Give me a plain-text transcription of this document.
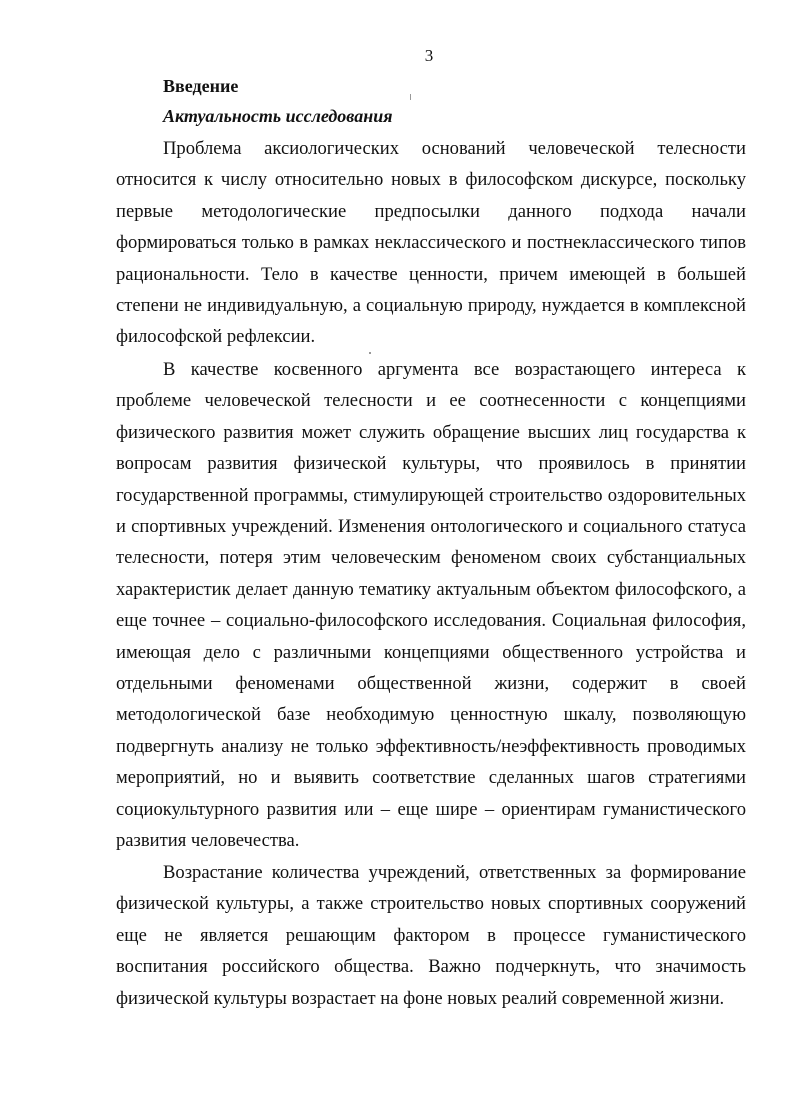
3
Введение
Актуальность исследования

Проблема аксиологических оснований человеческой телесности относится к числу относительно новых в философском дискурсе, поскольку первые методологические предпосылки данного подхода начали формироваться только в рамках неклассического и постнеклассического типов рациональности. Тело в качестве ценности, причем имеющей в большей степени не индивидуальную, а социальную природу, нуждается в комплексной философской рефлексии.

В качестве косвенного аргумента все возрастающего интереса к проблеме человеческой телесности и ее соотнесенности с концепциями физического развития может служить обращение высших лиц государства к вопросам развития физической культуры, что проявилось в принятии государственной программы, стимулирующей строительство оздоровительных и спортивных учреждений. Изменения онтологического и социального статуса телесности, потеря этим человеческим феноменом своих субстанциальных характеристик делает данную тематику актуальным объектом философского, а еще точнее – социально-философского исследования. Социальная философия, имеющая дело с различными концепциями общественного устройства и отдельными феноменами общественной жизни, содержит в своей методологической базе необходимую ценностную шкалу, позволяющую подвергнуть анализу не только эффективность/неэффективность проводимых мероприятий, но и выявить соответствие сделанных шагов стратегиями социокультурного развития или – еще шире – ориентирам гуманистического развития человечества.

Возрастание количества учреждений, ответственных за формирование физической культуры, а также строительство новых спортивных сооружений еще не является решающим фактором в процессе гуманистического воспитания российского общества. Важно подчеркнуть, что значимость физической культуры возрастает на фоне новых реалий современной жизни.
